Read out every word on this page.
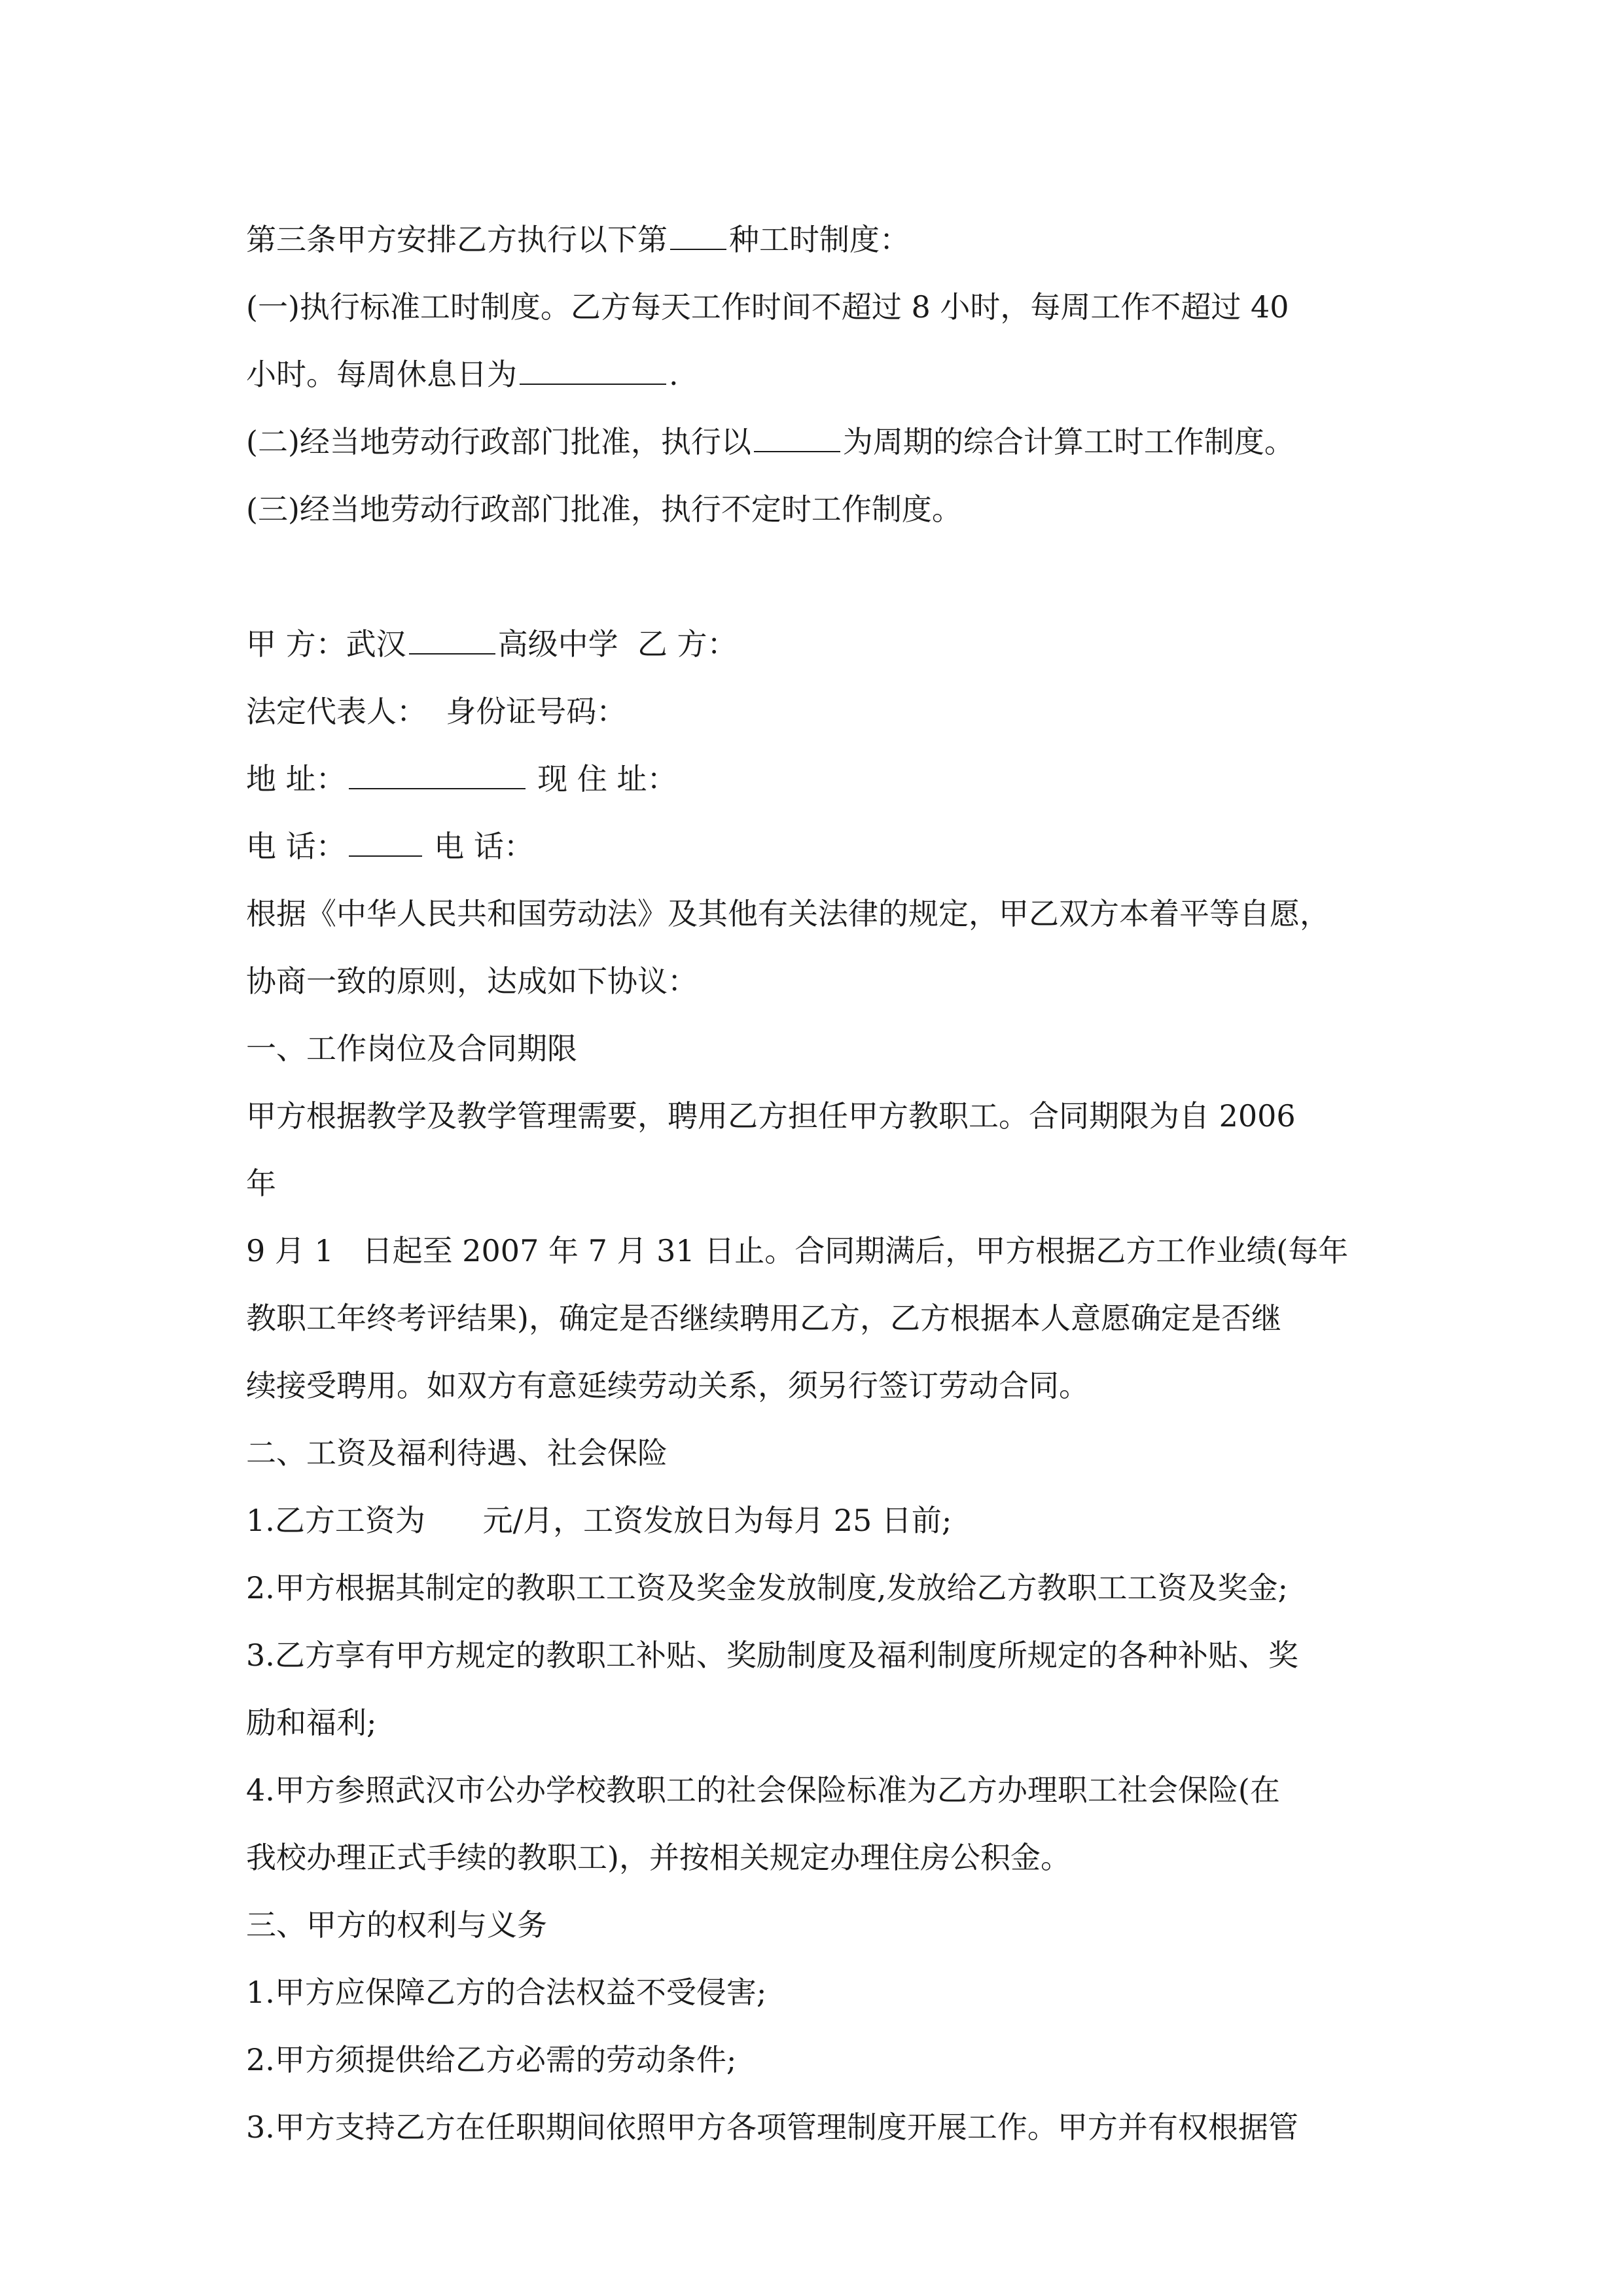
第三条甲方安排乙方执行以下第 种工时制度：
(一)执行标准工时制度。乙方每天工作时间不超过 8 小时，每周工作不超过 40
小时。每周休息日为	.
(二)经当地劳动行政部门批准，执行以	为周期的综合计算工时工作制度。
(三)经当地劳动行政部门批准，执行不定时工作制度。
甲 方：武汉	高级中学  乙 方：
法定代表人：  身份证号码：
地 址：	现 住 址：
电 话：	电 话：
根据《中华人民共和国劳动法》及其他有关法律的规定，甲乙双方本着平等自愿，
协商一致的原则，达成如下协议：
一、工作岗位及合同期限
甲方根据教学及教学管理需要，聘用乙方担任甲方教职工。合同期限为自 2006
年
9 月 1   日起至 2007 年 7 月 31 日止。合同期满后，甲方根据乙方工作业绩(每年
教职工年终考评结果)，确定是否继续聘用乙方，乙方根据本人意愿确定是否继
续接受聘用。如双方有意延续劳动关系，须另行签订劳动合同。
二、工资及福利待遇、社会保险
1.乙方工资为      元/月，工资发放日为每月 25 日前;
2.甲方根据其制定的教职工工资及奖金发放制度,发放给乙方教职工工资及奖金;
3.乙方享有甲方规定的教职工补贴、奖励制度及福利制度所规定的各种补贴、奖
励和福利;
4.甲方参照武汉市公办学校教职工的社会保险标准为乙方办理职工社会保险(在
我校办理正式手续的教职工)，并按相关规定办理住房公积金。
三、甲方的权利与义务
1.甲方应保障乙方的合法权益不受侵害;
2.甲方须提供给乙方必需的劳动条件;
3.甲方支持乙方在任职期间依照甲方各项管理制度开展工作。甲方并有权根据管
